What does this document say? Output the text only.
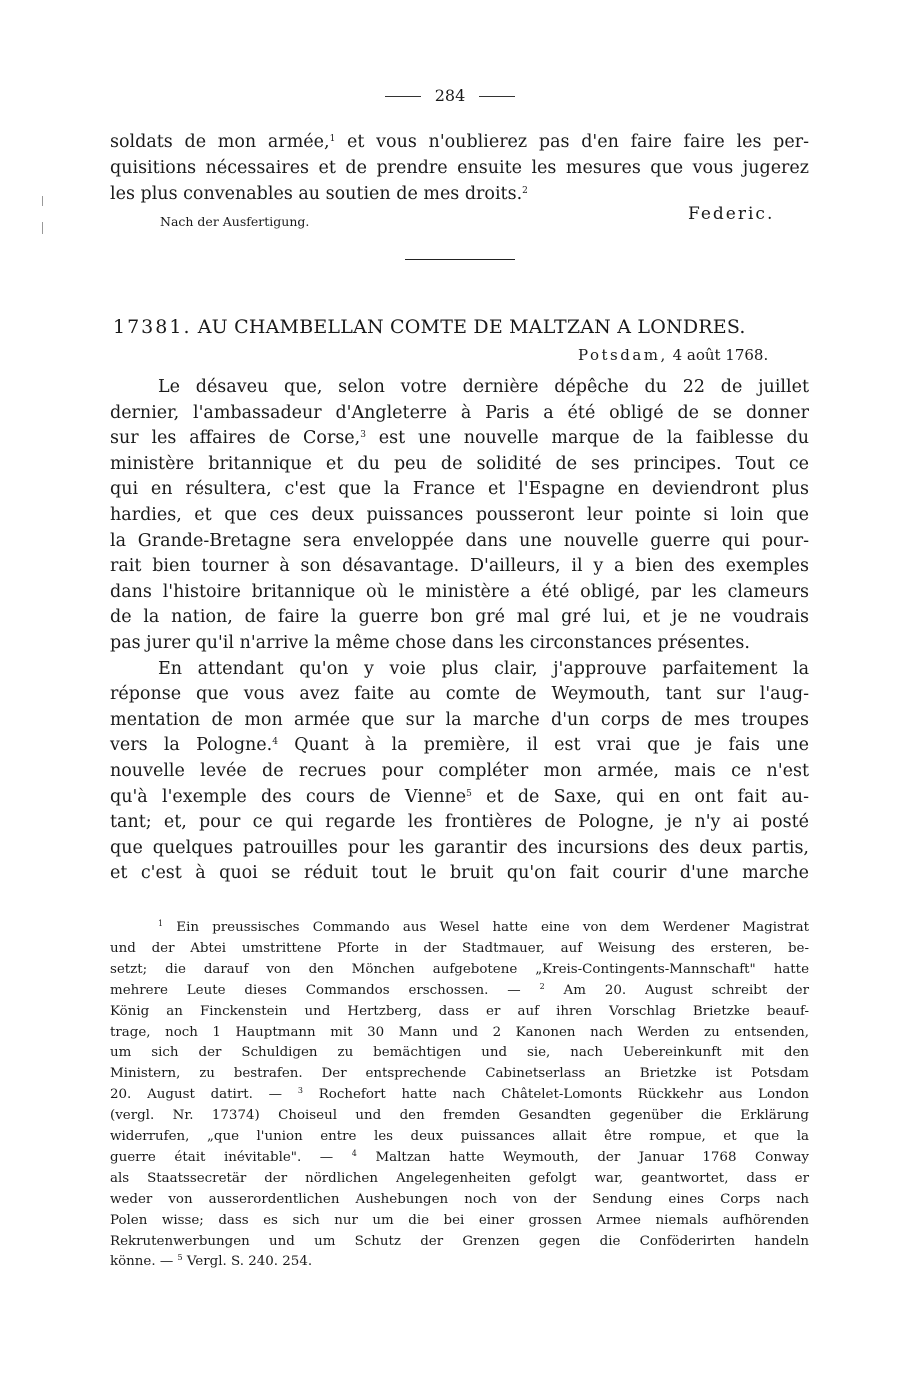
284
soldats de mon armée,$^1$ et vous n'oublierez pas d'en faire faire les per-
quisitions nécessaires et de prendre ensuite les mesures que vous jugerez
les plus convenables au soutien de mes droits.$^2$
Nach der Ausfertigung.	Federic.
17381. AU CHAMBELLAN COMTE DE MALTZAN A LONDRES.
Potsdam, 4 août 1768.
Le désaveu que, selon votre dernière dépêche du 22 de juillet
dernier, l'ambassadeur d'Angleterre à Paris a été obligé de se donner
sur les affaires de Corse,$^3$ est une nouvelle marque de la faiblesse du
ministère britannique et du peu de solidité de ses principes. Tout ce
qui en résultera, c'est que la France et l'Espagne en deviendront plus
hardies, et que ces deux puissances pousseront leur pointe si loin que
la Grande-Bretagne sera enveloppée dans une nouvelle guerre qui pour-
rait bien tourner à son désavantage. D'ailleurs, il y a bien des exemples
dans l'histoire britannique où le ministère a été obligé, par les clameurs
de la nation, de faire la guerre bon gré mal gré lui, et je ne voudrais
pas jurer qu'il n'arrive la même chose dans les circonstances présentes.
En attendant qu'on y voie plus clair, j'approuve parfaitement la
réponse que vous avez faite au comte de Weymouth, tant sur l'aug-
mentation de mon armée que sur la marche d'un corps de mes troupes
vers la Pologne.$^4$ Quant à la première, il est vrai que je fais une
nouvelle levée de recrues pour compléter mon armée, mais ce n'est
qu'à l'exemple des cours de Vienne$^5$ et de Saxe, qui en ont fait au-
tant; et, pour ce qui regarde les frontières de Pologne, je n'y ai posté
que quelques patrouilles pour les garantir des incursions des deux partis,
et c'est à quoi se réduit tout le bruit qu'on fait courir d'une marche
$^1$ Ein preussisches Commando aus Wesel hatte eine von dem Werdener Magistrat
und der Abtei umstrittene Pforte in der Stadtmauer, auf Weisung des ersteren, be-
setzt; die darauf von den Mönchen aufgebotene „Kreis-Contingents-Mannschaft" hatte
mehrere Leute dieses Commandos erschossen. — $^2$ Am 20. August schreibt der
König an Finckenstein und Hertzberg, dass er auf ihren Vorschlag Brietzke beauf-
trage, noch 1 Hauptmann mit 30 Mann und 2 Kanonen nach Werden zu entsenden,
um sich der Schuldigen zu bemächtigen und sie, nach Uebereinkunft mit den
Ministern, zu bestrafen. Der entsprechende Cabinetserlass an Brietzke ist Potsdam
20. August datirt. — $^3$ Rochefort hatte nach Châtelet-Lomonts Rückkehr aus London
(vergl. Nr. 17374) Choiseul und den fremden Gesandten gegenüber die Erklärung
widerrufen, „que l'union entre les deux puissances allait être rompue, et que la
guerre était inévitable". — $^4$ Maltzan hatte Weymouth, der Januar 1768 Conway
als Staatssecretär der nördlichen Angelegenheiten gefolgt war, geantwortet, dass er
weder von ausserordentlichen Aushebungen noch von der Sendung eines Corps nach
Polen wisse; dass es sich nur um die bei einer grossen Armee niemals aufhörenden
Rekrutenwerbungen und um Schutz der Grenzen gegen die Conföderirten handeln
könne. — $^5$ Vergl. S. 240. 254.
